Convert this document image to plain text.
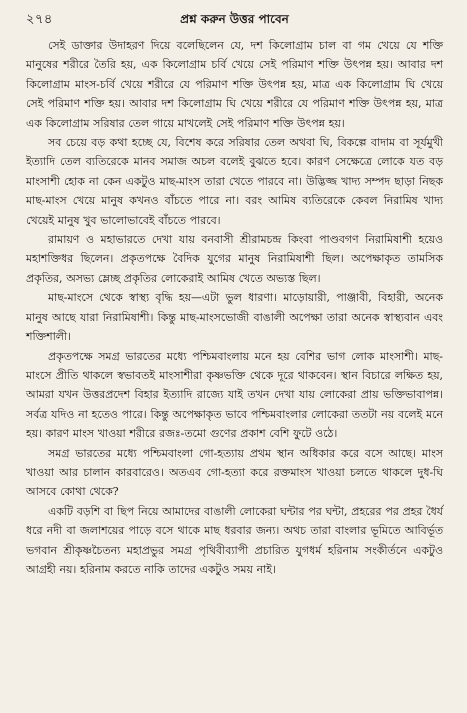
২৭৪	প্রশ্ন করুন উত্তর পাবেন

সেই ডাক্তার উদাহরণ দিয়ে বলেছিলেন যে, দশ কিলোগ্রাম চাল বা গম খেয়ে যে শক্তি মানুষের শরীরে তৈরি হয়, এক কিলোগ্রাম চর্বি খেয়ে সেই পরিমাণ শক্তি উৎপন্ন হয়। আবার দশ কিলোগ্রাম মাংস-চর্বি খেয়ে শরীরে যে পরিমাণ শক্তি উৎপন্ন হয়, মাত্র এক কিলোগ্রাম ঘি খেয়ে সেই পরিমাণ শক্তি হয়। আবার দশ কিলোগ্রাম ঘি খেয়ে শরীরে যে পরিমাণ শক্তি উৎপন্ন হয়, মাত্র এক কিলোগ্রাম সরিষার তেল গায়ে মাখলেই সেই পরিমাণ শক্তি উৎপন্ন হয়।

সব চেয়ে বড় কথা হচ্ছে যে, বিশেষ করে সরিষার তেল অথবা ঘি, বিকল্পে বাদাম বা সূর্যমুখী ইত্যাদি তেল ব্যতিরেকে মানব সমাজ অচল বলেই বুঝতে হবে। কারণ সেক্ষেত্রে লোকে যত বড় মাংসাশী হোক না কেন একটুও মাছ-মাংস তারা খেতে পারবে না। উদ্ভিজ্জ খাদ্য সম্পদ ছাড়া নিছক মাছ-মাংস খেয়ে মানুষ কখনও বাঁচতে পারে না। বরং আমিষ ব্যতিরেকে কেবল নিরামিষ খাদ্য খেয়েই মানুষ খুব ভালোভাবেই বাঁচতে পারবে।

রামায়ণ ও মহাভারতে দেখা যায় বনবাসী শ্রীরামচন্দ্র কিংবা পাণ্ডবগণ নিরামিষাশী হয়েও মহাশক্তিধর ছিলেন। প্রকৃতপক্ষে বৈদিক যুগের মানুষ নিরামিষাশী ছিল। অপেক্ষাকৃত তামসিক প্রকৃতির, অসভ্য ম্লেচ্ছ প্রকৃতির লোকেরাই আমিষ খেতে অভ্যস্ত ছিল।

মাছ-মাংসে থেকে স্বাস্থ্য বৃদ্ধি হয়—এটা ভুল ধারণা। মাড়োয়ারী, পাঞ্জাবী, বিহারী, অনেক মানুষ আছে যারা নিরামিষাশী। কিন্তু মাছ-মাংসভোজী বাঙালী অপেক্ষা তারা অনেক স্বাস্থ্যবান এবং শক্তিশালী।

প্রকৃতপক্ষে সমগ্র ভারতের মধ্যে পশ্চিমবাংলায় মনে হয় বেশির ভাগ লোক মাংসাশী। মাছ-মাংসে প্রীতি থাকলে স্বভাবতই মাংসাশীরা কৃষ্ণভক্তি থেকে দূরে থাকবেন। স্থান বিচারে লক্ষিত হয়, আমরা যখন উত্তরপ্রদেশ বিহার ইত্যাদি রাজ্যে যাই তখন দেখা যায় লোকেরা প্রায় ভক্তিভাবাপন্ন। সর্বত্র যদিও না হতেও পারে। কিন্তু অপেক্ষাকৃত ভাবে পশ্চিমবাংলার লোকেরা ততটা নয় বলেই মনে হয়। কারণ মাংস খাওয়া শরীরে রজঃ-তমো গুণের প্রকাশ বেশি ফুটে ওঠে।

সমগ্র ভারতের মধ্যে পশ্চিমবাংলা গো-হত্যায় প্রথম স্থান অধিকার করে বসে আছে। মাংস খাওয়া আর চালান কারবারেও। অতএব গো-হত্যা করে রক্তমাংস খাওয়া চলতে থাকলে দুধ-ঘি আসবে কোথা থেকে?

একটি বড়শি বা ছিপ নিয়ে আমাদের বাঙালী লোকেরা ঘন্টার পর ঘন্টা, প্রহরের পর প্রহর ধৈর্য ধরে নদী বা জলাশয়ের পাড়ে বসে থাকে মাছ ধরবার জন্য। অথচ তারা বাংলার ভূমিতে আবির্ভূত ভগবান শ্রীকৃষ্ণচৈতন্য মহাপ্রভুর সমগ্র পৃথিবীব্যাপী প্রচারিত যুগধর্ম হরিনাম সংকীর্তনে একটুও আগ্রহী নয়। হরিনাম করতে নাকি তাদের একটুও সময় নাই।
